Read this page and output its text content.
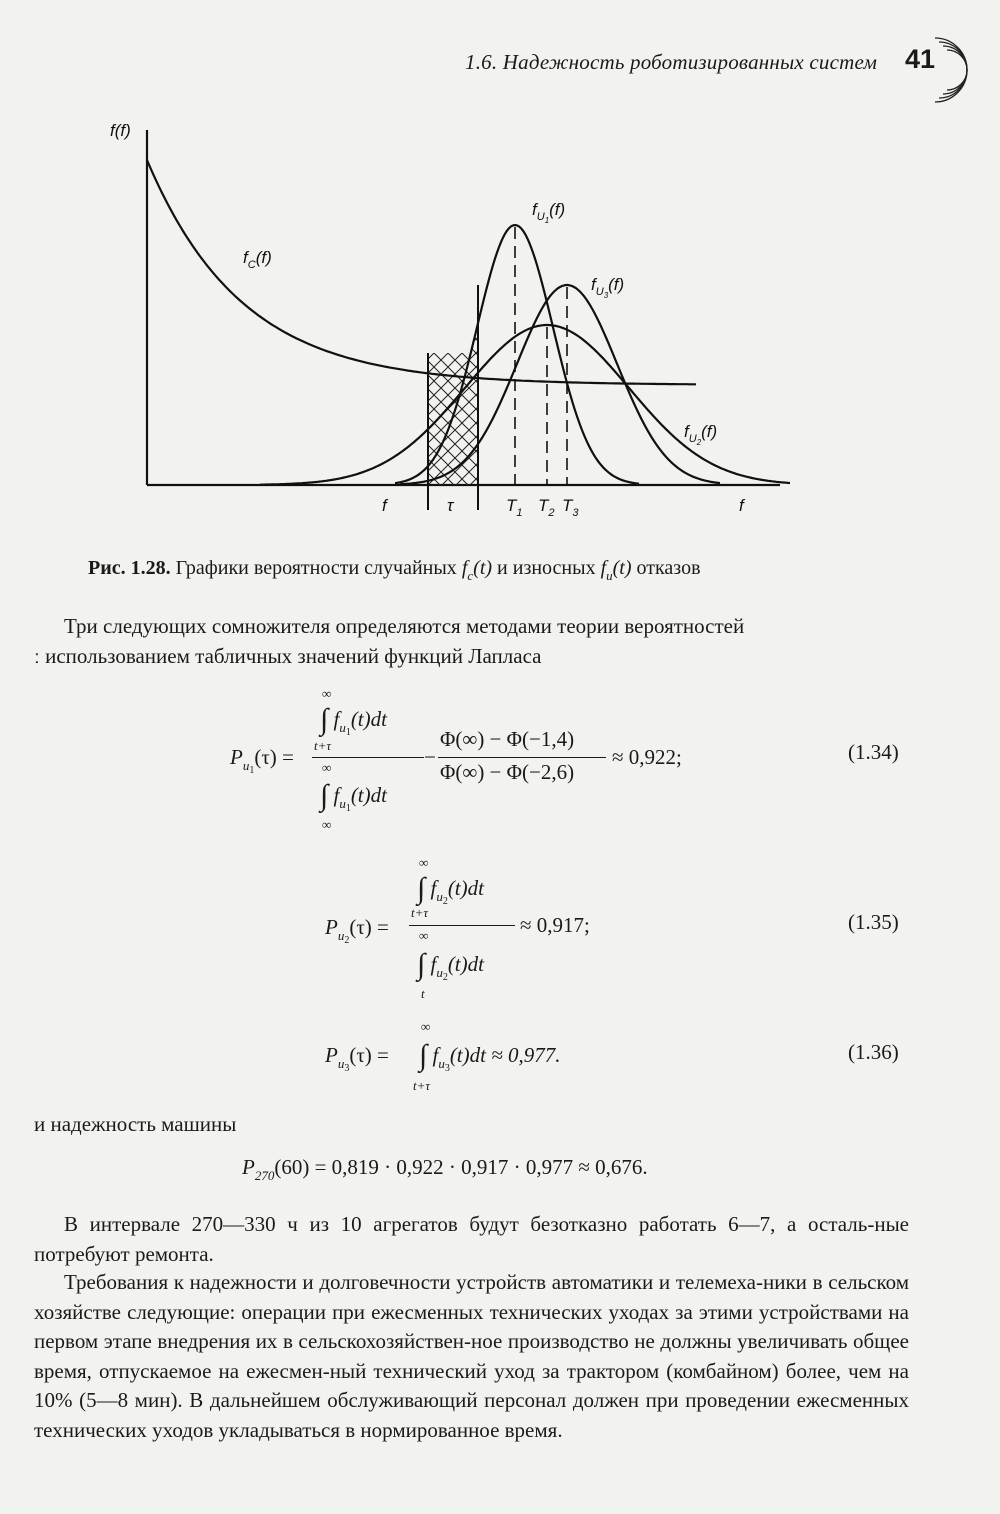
1.6. Надежность роботизированных систем 41
f(f)
$f_C(f)$
$f_U1(f)$
$f_U3(f)$
$f_U2(f)$
f	τ	$T_1$ $T_2$ $T_3$	f
Рис. 1.28. Графики вероятности случайных $f_c(t)$ и износных $f_u(t)$ отказов
Три следующих сомножителя определяются методами теории вероятностей
ː использованием табличных значений функций Лапласа
$P_{u1}(\tau)$ =
∞
∫ $f_{u1}(t)dt$
t+τ
∞
∫ $f_{u1}(t)dt$
∞
−
Φ(∞) − Φ(−1,4)
Φ(∞) − Φ(−2,6)
≈ 0,922;	(1.34)
$P_{u2}(\tau)$ =
∞
∫ $f_{u2}(t)dt$
t+τ
∞
∫ $f_{u2}(t)dt$
t
≈ 0,917;	(1.35)
$P_{u3}(\tau)$ =
∞
∫ $f_{u3}(t)dt \approx 0,977$.
t+τ
(1.36)
и надежность машины
$P_{270}(60) = 0,819 \cdot 0,922 \cdot 0,917 \cdot 0,977 \approx 0,676$.
В интервале 270—330 ч из 10 агрегатов будут безотказно работать 6—7, а осталь-ные потребуют ремонта.
Требования к надежности и долговечности устройств автоматики и телемеха-ники в сельском хозяйстве следующие: операции при ежесменных технических уходах за этими устройствами на первом этапе внедрения их в сельскохозяйствен-ное производство не должны увеличивать общее время, отпускаемое на ежесмен-ный технический уход за трактором (комбайном) более, чем на 10% (5—8 мин). В дальнейшем обслуживающий персонал должен при проведении ежесменных технических уходов укладываться в нормированное время.
